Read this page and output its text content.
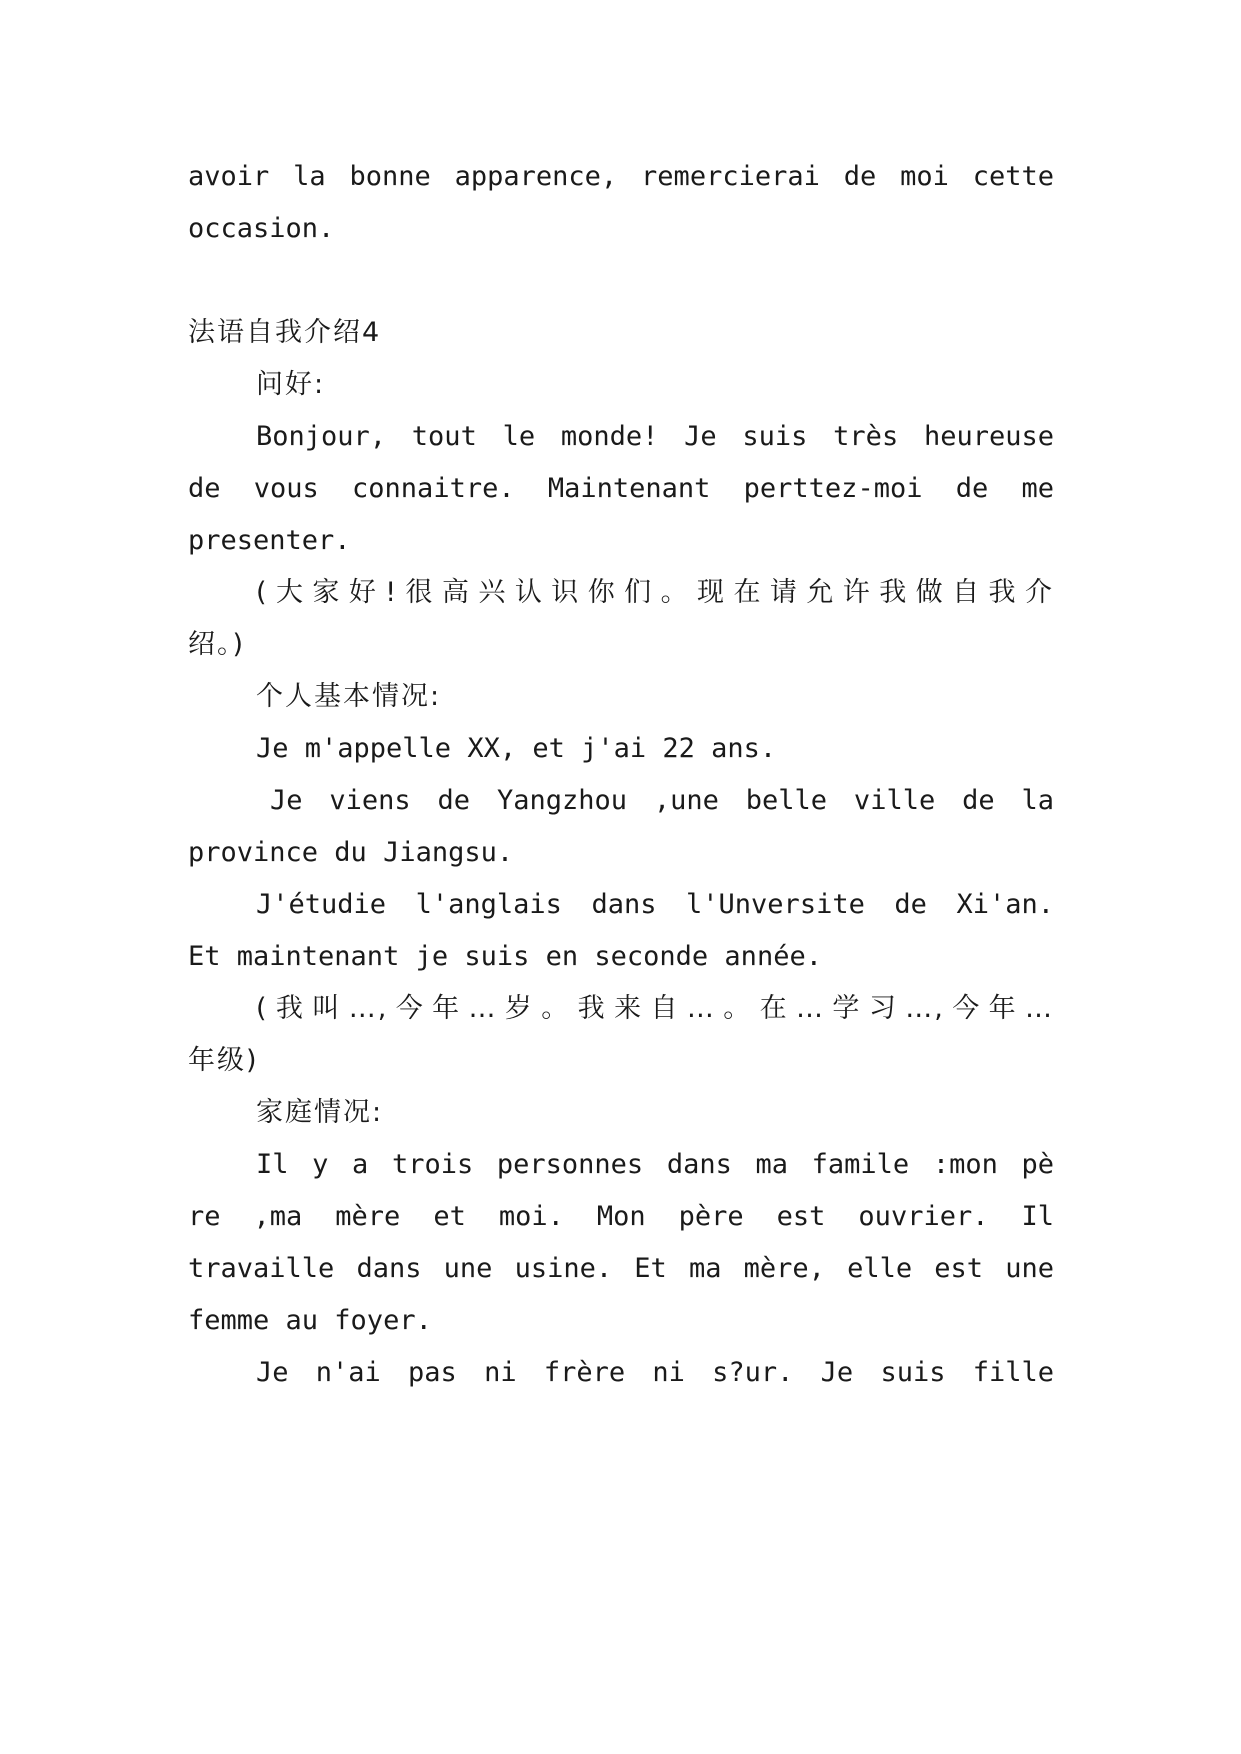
avoir la bonne apparence, remercierai de moi cette

occasion.

法语自我介绍4

问好:

Bonjour, tout le monde! Je suis très heureuse

de vous connaitre. Maintenant perttez-moi de me

presenter.

(大家好!很高兴认识你们。现在请允许我做自我介

绍。)

个人基本情况:

Je m'appelle XX, et j'ai 22 ans.

Je viens de Yangzhou ,une belle ville de la

province du Jiangsu.

J'étudie l'anglais dans l'Unversite de Xi'an.

Et maintenant je suis en seconde année.

(我叫…,今年…岁。我来自…。在…学习…,今年…

年级)

家庭情况:

Il y a trois personnes dans ma famile :mon pè

re ,ma mère et moi. Mon père est ouvrier. Il

travaille dans une usine. Et ma mère, elle est une

femme au foyer.

Je n'ai pas ni frère ni s?ur. Je suis fille
